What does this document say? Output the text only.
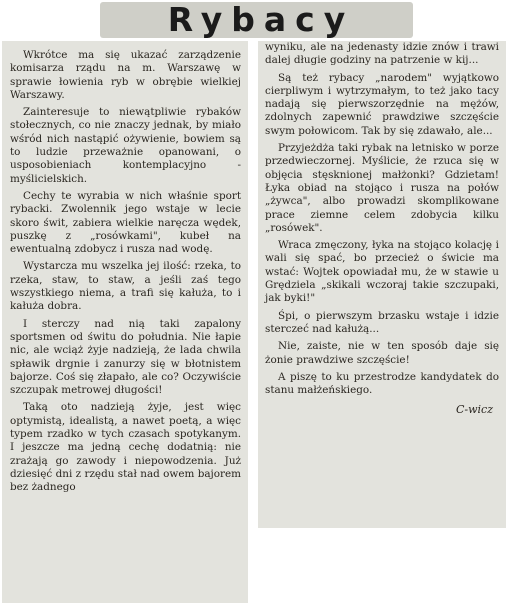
Rybacy

Wkrótce ma się ukazać zarządzenie komisarza rządu na m. Warszawę w sprawie łowienia ryb w obrębie wielkiej Warszawy.

Zainteresuje to niewątpliwie rybaków stołecznych, co nie znaczy jednak, by miało wśród nich nastąpić ożywienie, bowiem są to ludzie przeważnie opanowani, o usposobieniach kontemplacyjno - myślicielskich.

Cechy te wyrabia w nich właśnie sport rybacki. Zwolennik jego wstaje w lecie skoro świt, zabiera wielkie naręcza wędek, puszkę z „rosówkami", kubeł na ewentualną zdobycz i rusza nad wodę.

Wystarcza mu wszelka jej ilość: rzeka, to rzeka, staw, to staw, a jeśli zaś tego wszystkiego niema, a trafi się kałuża, to i kałuża dobra.

I sterczy nad nią taki zapalony sportsmen od świtu do południa. Nie łapie nic, ale wciąż żyje nadzieją, że lada chwila spławik drgnie i zanurzy się w błotnistem bajorze. Coś się złapało, ale co? Oczywiście szczupak metrowej długości!

Taką oto nadzieją żyje, jest więc optymistą, idealistą, a nawet poetą, a więc typem rzadko w tych czasach spotykanym. I jeszcze ma jedną cechę dodatnią: nie zrażają go zawody i niepowodzenia. Już dziesięć dni z rzędu stał nad owem bajorem bez żadnego

wyniku, ale na jedenasty idzie znów i trawi dalej długie godziny na patrzenie w kij...

Są też rybacy „narodem" wyjątkowo cierpliwym i wytrzymałym, to też jako tacy nadają się pierwszorzędnie na mężów, zdolnych zapewnić prawdziwe szczęście swym połowicom. Tak by się zdawało, ale...

Przyjeżdża taki rybak na letnisko w porze przedwieczornej. Myślicie, że rzuca się w objęcia stęsknionej małżonki? Gdzietam! Łyka obiad na stojąco i rusza na połów „żywca", albo prowadzi skomplikowane prace ziemne celem zdobycia kilku „rosówek".

Wraca zmęczony, łyka na stojąco kolację i wali się spać, bo przecież o świcie ma wstać: Wojtek opowiadał mu, że w stawie u Grędziela „skikali wczoraj takie szczupaki, jak byki!"

Śpi, o pierwszym brzasku wstaje i idzie sterczeć nad kałużą...

Nie, zaiste, nie w ten sposób daje się żonie prawdziwe szczęście!

A piszę to ku przestrodze kandydatek do stanu małżeńskiego.

C-wicz
